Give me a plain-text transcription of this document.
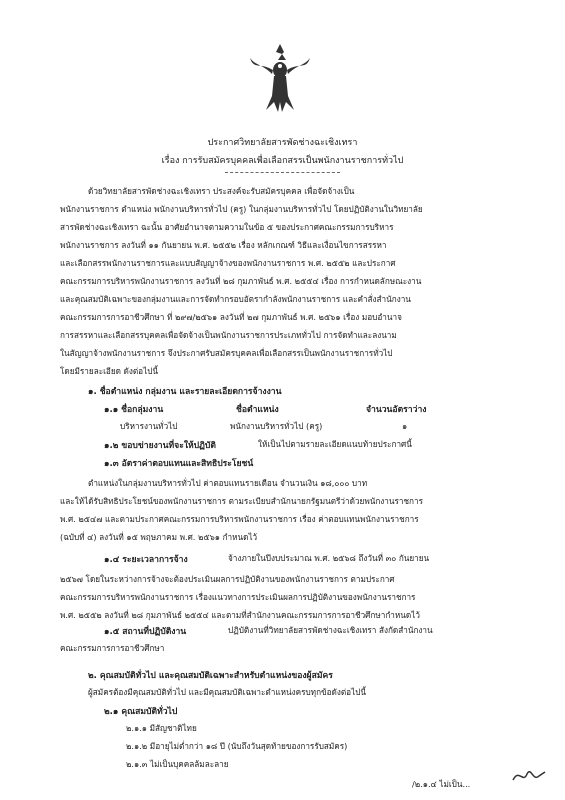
ประกาศวิทยาลัยสารพัดช่างฉะเชิงเทรา
เรื่อง การรับสมัครบุคคลเพื่อเลือกสรรเป็นพนักงานราชการทั่วไป
ด้วยวิทยาลัยสารพัดช่างฉะเชิงเทรา ประสงค์จะรับสมัครบุคคล เพื่อจัดจ้างเป็น
พนักงานราชการ ตำแหน่ง พนักงานบริหารทั่วไป (ครู) ในกลุ่มงานบริหารทั่วไป โดยปฏิบัติงานในวิทยาลัย
สารพัดช่างฉะเชิงเทรา ฉะนั้น อาศัยอำนาจตามความในข้อ ๕ ของประกาศคณะกรรมการบริหาร
พนักงานราชการ ลงวันที่ ๑๑ กันยายน พ.ศ. ๒๕๕๒ เรื่อง หลักเกณฑ์ วิธีและเงื่อนไขการสรรหา
และเลือกสรรพนักงานราชการและแบบสัญญาจ้างของพนักงานราชการ พ.ศ. ๒๕๕๒ และประกาศ
คณะกรรมการบริหารพนักงานราชการ ลงวันที่ ๒๘ กุมภาพันธ์ พ.ศ. ๒๕๕๔ เรื่อง การกำหนดลักษณะงาน
และคุณสมบัติเฉพาะของกลุ่มงานและการจัดทำกรอบอัตรากำลังพนักงานราชการ และคำสั่งสำนักงาน
คณะกรรมการการอาชีวศึกษา ที่ ๒๙๗/๒๕๖๑ ลงวันที่ ๒๗ กุมภาพันธ์ พ.ศ. ๒๕๖๑ เรื่อง มอบอำนาจ
การสรรหาและเลือกสรรบุคคลเพื่อจัดจ้างเป็นพนักงานราชการประเภททั่วไป การจัดทำและลงนาม
ในสัญญาจ้างพนักงานราชการ จึงประกาศรับสมัครบุคคลเพื่อเลือกสรรเป็นพนักงานราชการทั่วไป
โดยมีรายละเอียด ดังต่อไปนี้
๑. ชื่อตำแหน่ง กลุ่มงาน และรายละเอียดการจ้างงาน
๑.๑ ชื่อกลุ่มงาน	ชื่อตำแหน่ง	จำนวนอัตราว่าง
บริหารงานทั่วไป	พนักงานบริหารทั่วไป (ครู)	๑
๑.๒ ขอบข่ายงานที่จะให้ปฏิบัติ	ให้เป็นไปตามรายละเอียดแนบท้ายประกาศนี้
๑.๓ อัตราค่าตอบแทนและสิทธิประโยชน์
ตำแหน่งในกลุ่มงานบริหารทั่วไป ค่าตอบแทนรายเดือน จำนวนเงิน ๑๘,๐๐๐ บาท
และให้ได้รับสิทธิประโยชน์ของพนักงานราชการ ตามระเบียบสำนักนายกรัฐมนตรีว่าด้วยพนักงานราชการ
พ.ศ. ๒๕๔๗ และตามประกาศคณะกรรมการบริหารพนักงานราชการ เรื่อง ค่าตอบแทนพนักงานราชการ
(ฉบับที่ ๔) ลงวันที่ ๑๕ พฤษภาคม พ.ศ. ๒๕๖๑ กำหนดไว้
๑.๔ ระยะเวลาการจ้าง	จ้างภายในปีงบประมาณ พ.ศ. ๒๕๖๘ ถึงวันที่ ๓๐ กันยายน
๒๕๖๗ โดยในระหว่างการจ้างจะต้องประเมินผลการปฏิบัติงานของพนักงานราชการ ตามประกาศ
คณะกรรมการบริหารพนักงานราชการ เรื่องแนวทางการประเมินผลการปฏิบัติงานของพนักงานราชการ
พ.ศ. ๒๕๕๒ ลงวันที่ ๒๘ กุมภาพันธ์ ๒๕๕๔ และตามที่สำนักงานคณะกรรมการการอาชีวศึกษากำหนดไว้
๑.๕ สถานที่ปฏิบัติงาน	ปฏิบัติงานที่วิทยาลัยสารพัดช่างฉะเชิงเทรา สังกัดสำนักงาน
คณะกรรมการการอาชีวศึกษา
๒. คุณสมบัติทั่วไป และคุณสมบัติเฉพาะสำหรับตำแหน่งของผู้สมัคร
ผู้สมัครต้องมีคุณสมบัติทั่วไป และมีคุณสมบัติเฉพาะตำแหน่งครบทุกข้อดังต่อไปนี้
๒.๑ คุณสมบัติทั่วไป
๒.๑.๑ มีสัญชาติไทย
๒.๑.๒ มีอายุไม่ต่ำกว่า ๑๘ ปี (นับถึงวันสุดท้ายของการรับสมัคร)
๒.๑.๓ ไม่เป็นบุคคลล้มละลาย
/๒.๑.๔ ไม่เป็น...
